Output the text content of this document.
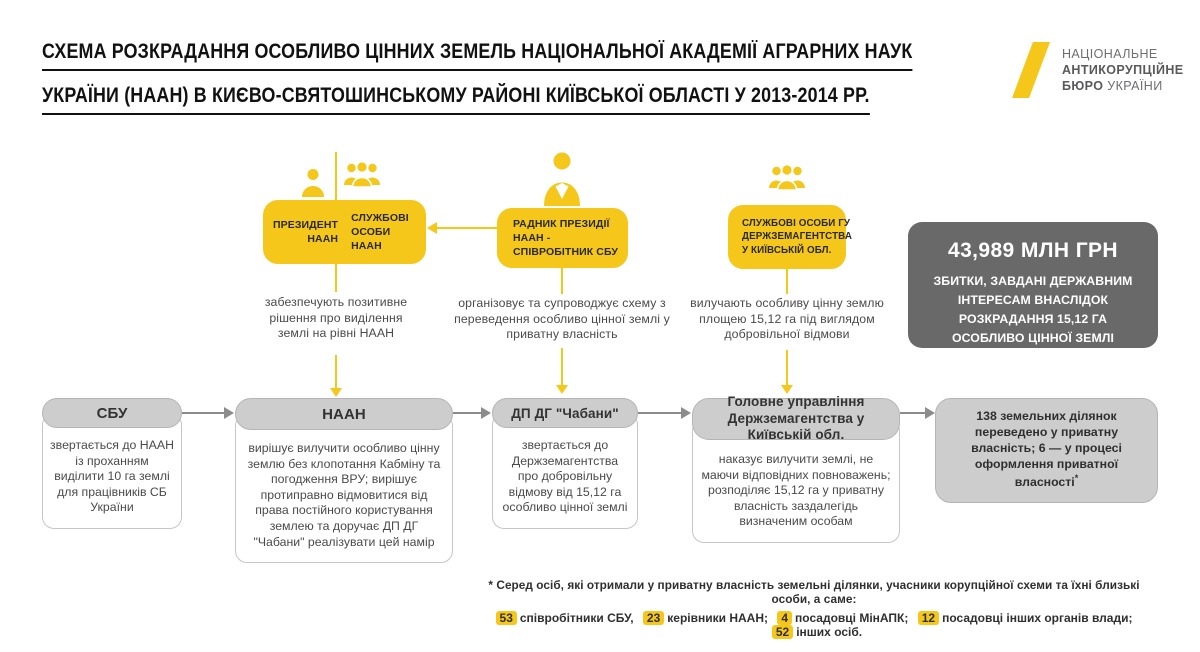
СХЕМА РОЗКРАДАННЯ ОСОБЛИВО ЦІННИХ ЗЕМЕЛЬ НАЦІОНАЛЬНОЇ АКАДЕМІЇ АГРАРНИХ НАУК
УКРАЇНИ (НААН) В КИЄВО-СВЯТОШИНСЬКОМУ РАЙОНІ КИЇВСЬКОЇ ОБЛАСТІ У 2013-2014 РР.
НАЦІОНАЛЬНЕ
АНТИКОРУПЦІЙНЕ
БЮРО УКРАЇНИ
ПРЕЗИДЕНТ НААН
СЛУЖБОВІ ОСОБИ НААН
РАДНИК ПРЕЗИДІЇ НААН - СПІВРОБІТНИК СБУ
СЛУЖБОВІ ОСОБИ ГУ ДЕРЖЗЕМАГЕНТСТВА У КИЇВСЬКІЙ ОБЛ.
забезпечують позитивне рішення про виділення землі на рівні НААН
організовує та супроводжує схему з переведення особливо цінної землі у приватну власність
вилучають особливу цінну землю площею 15,12 га під виглядом добровільної відмови
43,989 МЛН ГРН
ЗБИТКИ, ЗАВДАНІ ДЕРЖАВНИМ ІНТЕРЕСАМ ВНАСЛІДОК РОЗКРАДАННЯ 15,12 ГА ОСОБЛИВО ЦІННОЇ ЗЕМЛІ
звертається до НААН із проханням виділити 10 га землі для працівників СБ України
СБУ
вирішує вилучити особливо цінну землю без клопотання Кабміну та погодження ВРУ; вирішує протиправно відмовитися від права постійного користування землею та доручає ДП ДГ "Чабани" реалізувати цей намір
НААН
звертається до Держземагентства про добровільну відмову від 15,12 га особливо цінної землі
ДП ДГ "Чабани"
наказує вилучити землі, не маючи відповідних повноважень; розподіляє 15,12 га у приватну власність заздалегідь визначеним особам
Головне управління Держземагентства у Київській обл.
138 земельних ділянок переведено у приватну власність; 6 — у процесі оформлення приватної власності*
* Серед осіб, які отримали у приватну власність земельні ділянки, учасники корупційної схеми та їхні близькі особи, а саме:
53 співробітники СБУ, 23 керівники НААН; 4 посадовці МінАПК; 12 посадовці інших органів влади; 52 інших осіб.
